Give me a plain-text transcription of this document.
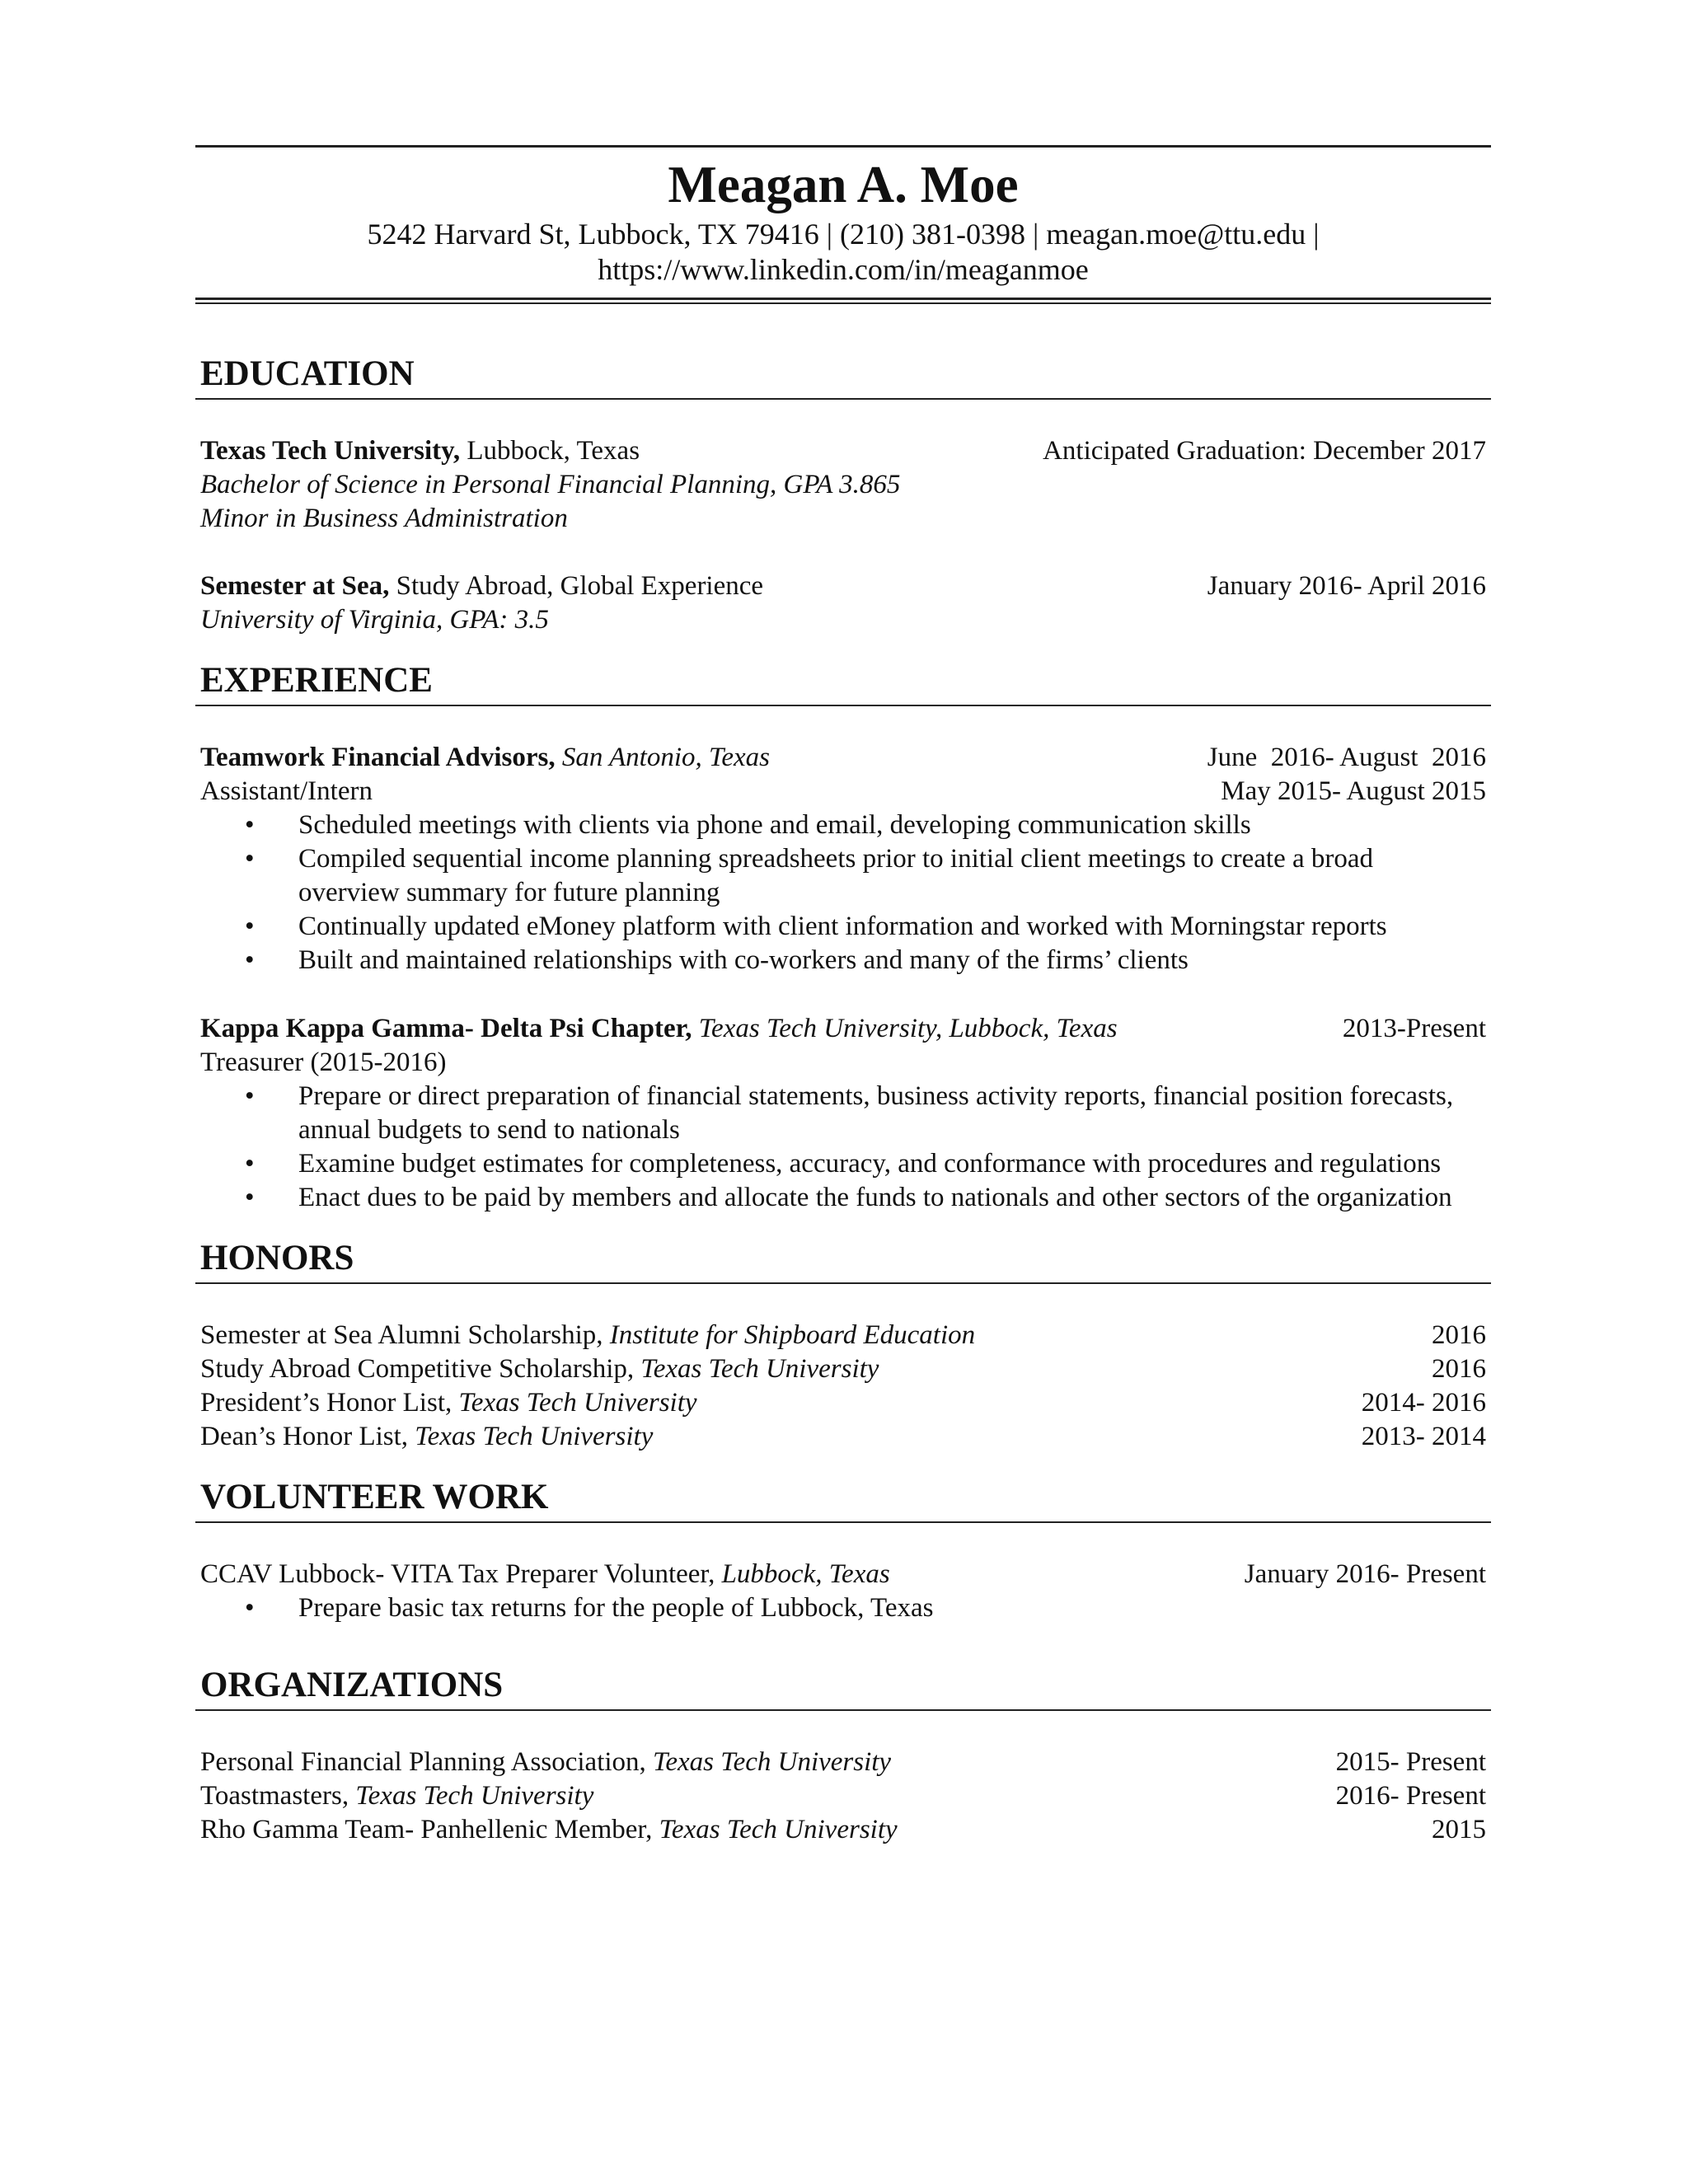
Meagan A. Moe
5242 Harvard St, Lubbock, TX 79416 | (210) 381-0398 | meagan.moe@ttu.edu |
https://www.linkedin.com/in/meaganmoe
EDUCATION
Texas Tech University, Lubbock, Texas	Anticipated Graduation: December 2017
Bachelor of Science in Personal Financial Planning, GPA 3.865
Minor in Business Administration
Semester at Sea, Study Abroad, Global Experience	January 2016- April 2016
University of Virginia, GPA: 3.5
EXPERIENCE
Teamwork Financial Advisors, San Antonio, Texas	June  2016- August  2016
Assistant/Intern	May 2015- August 2015
• Scheduled meetings with clients via phone and email, developing communication skills
• Compiled sequential income planning spreadsheets prior to initial client meetings to create a broad overview summary for future planning
• Continually updated eMoney platform with client information and worked with Morningstar reports
• Built and maintained relationships with co-workers and many of the firms’ clients
Kappa Kappa Gamma- Delta Psi Chapter, Texas Tech University, Lubbock, Texas	2013-Present
Treasurer (2015-2016)
• Prepare or direct preparation of financial statements, business activity reports, financial position forecasts, annual budgets to send to nationals
• Examine budget estimates for completeness, accuracy, and conformance with procedures and regulations
• Enact dues to be paid by members and allocate the funds to nationals and other sectors of the organization
HONORS
Semester at Sea Alumni Scholarship, Institute for Shipboard Education	2016
Study Abroad Competitive Scholarship, Texas Tech University	2016
President’s Honor List, Texas Tech University	2014- 2016
Dean’s Honor List, Texas Tech University	2013- 2014
VOLUNTEER WORK
CCAV Lubbock- VITA Tax Preparer Volunteer, Lubbock, Texas	January 2016- Present
• Prepare basic tax returns for the people of Lubbock, Texas
ORGANIZATIONS
Personal Financial Planning Association, Texas Tech University	2015- Present
Toastmasters, Texas Tech University	2016- Present
Rho Gamma Team- Panhellenic Member, Texas Tech University	2015
